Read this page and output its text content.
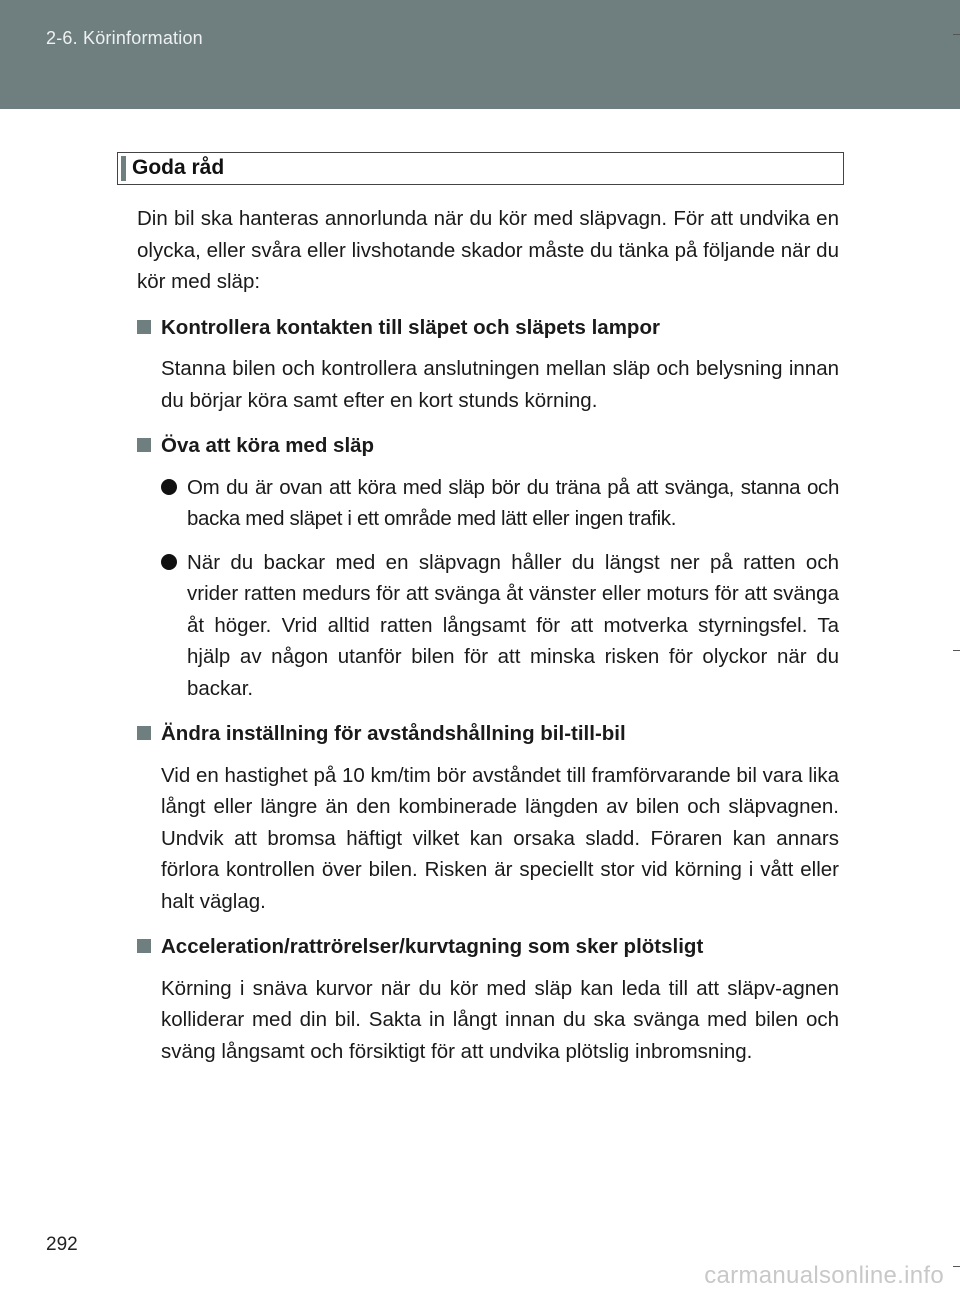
2-6. Körinformation
Goda råd

Din bil ska hanteras annorlunda när du kör med släpvagn. För att undvika en olycka, eller svåra eller livshotande skador måste du tänka på följande när du kör med släp:

Kontrollera kontakten till släpet och släpets lampor
Stanna bilen och kontrollera anslutningen mellan släp och belysning innan du börjar köra samt efter en kort stunds körning.
Öva att köra med släp
Om du är ovan att köra med släp bör du träna på att svänga, stanna och backa med släpet i ett område med lätt eller ingen trafik.
När du backar med en släpvagn håller du längst ner på ratten och vrider ratten medurs för att svänga åt vänster eller moturs för att svänga åt höger. Vrid alltid ratten långsamt för att motverka styrningsfel. Ta hjälp av någon utanför bilen för att minska risken för olyckor när du backar.
Ändra inställning för avståndshållning bil-till-bil
Vid en hastighet på 10 km/tim bör avståndet till framförvarande bil vara lika långt eller längre än den kombinerade längden av bilen och släpvagnen. Undvik att bromsa häftigt vilket kan orsaka sladd. Föraren kan annars förlora kontrollen över bilen. Risken är speciellt stor vid körning i vått eller halt väglag.
Acceleration/rattrörelser/kurvtagning som sker plötsligt
Körning i snäva kurvor när du kör med släp kan leda till att släpv-agnen kolliderar med din bil. Sakta in långt innan du ska svänga med bilen och sväng långsamt och försiktigt för att undvika plötslig inbromsning.
292
carmanualsonline.info
